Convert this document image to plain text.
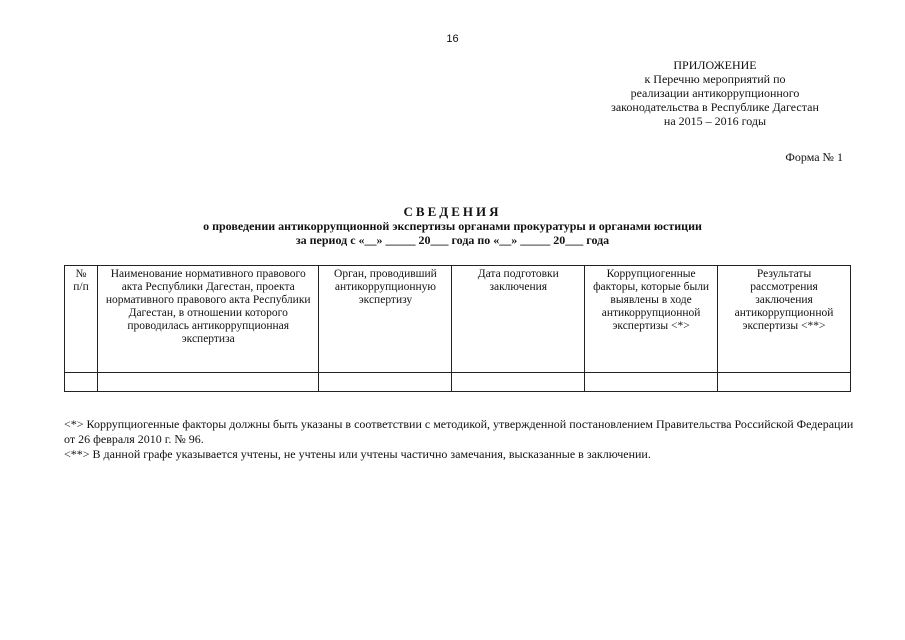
16
ПРИЛОЖЕНИЕ
к Перечню мероприятий по
реализации антикоррупционного
законодательства в Республике Дагестан
на 2015 – 2016 годы
Форма № 1
СВЕДЕНИЯ
о проведении антикоррупционной экспертизы органами прокуратуры и органами юстиции
за период с «__» _____ 20___ года по «__» _____ 20___ года
№ п/п	Наименование нормативного правового акта Республики Дагестан, проекта нормативного правового акта Республики Дагестан, в отношении которого проводилась антикоррупционная экспертиза	Орган, проводивший антикоррупционную экспертизу	Дата подготовки заключения	Коррупциогенные факторы, которые были выявлены в ходе антикоррупционной экспертизы <*>	Результаты рассмотрения заключения антикоррупционной экспертизы <**>

<*> Коррупциогенные факторы должны быть указаны в соответствии с методикой, утвержденной постановлением Правительства Российской Федерации от 26 февраля 2010 г. № 96.

<**> В данной графе указывается учтены, не учтены или учтены частично замечания, высказанные в заключении.
